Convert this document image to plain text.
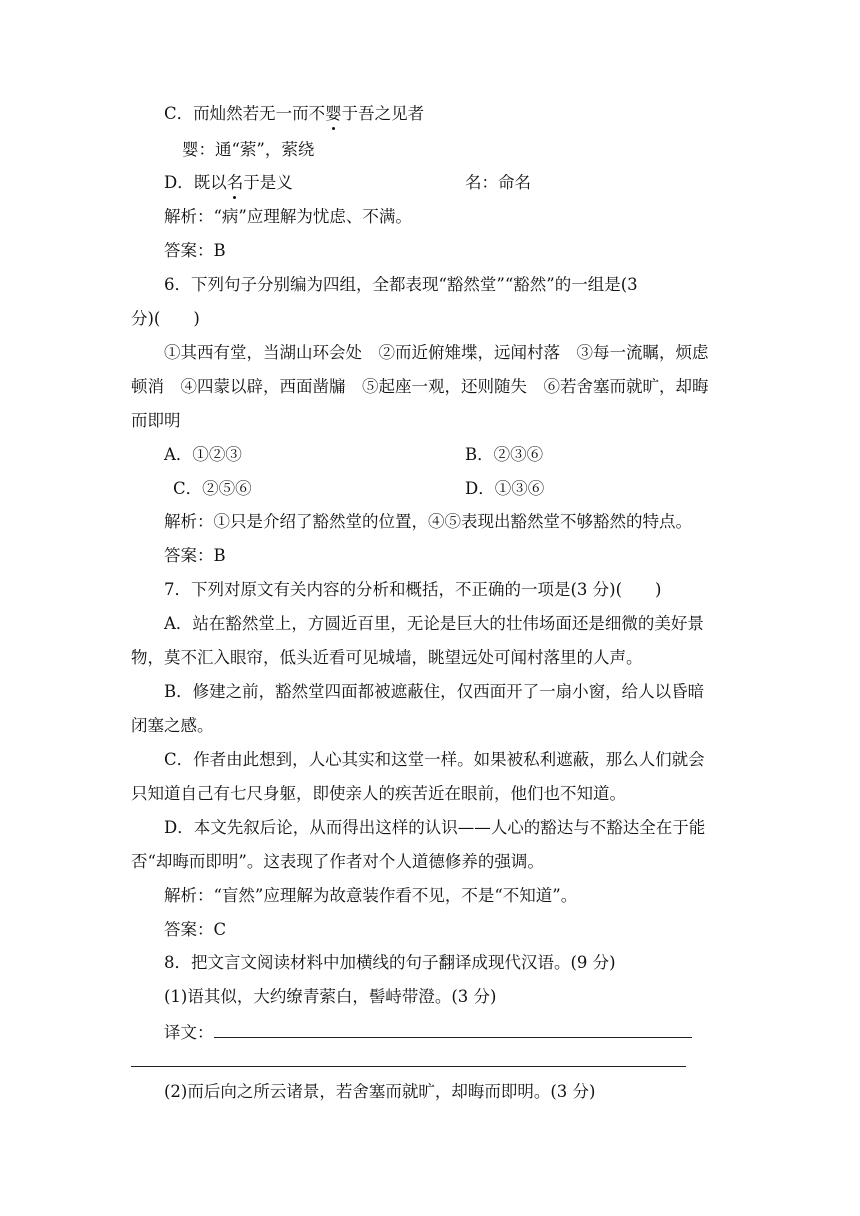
C．而灿然若无一而不婴于吾之见者
婴：通“萦”，萦绕
D．既以名于是义	名：命名
解析：“病”应理解为忧虑、不满。
答案：B
6．下列句子分别编为四组，全都表现“豁然堂”“豁然”的一组是(3
分)(　　)
①其西有堂，当湖山环会处　②而近俯雉堞，远闻村落　③每一流瞩，烦虑
顿消　④四蒙以辟，西面凿牖　⑤起座一观，还则随失　⑥若舍塞而就旷，却晦
而即明
A．①②③	B．②③⑥
C．②⑤⑥	D．①③⑥
解析：①只是介绍了豁然堂的位置，④⑤表现出豁然堂不够豁然的特点。
答案：B
7．下列对原文有关内容的分析和概括，不正确的一项是(3 分)(　　)
A．站在豁然堂上，方圆近百里，无论是巨大的壮伟场面还是细微的美好景
物，莫不汇入眼帘，低头近看可见城墙，眺望远处可闻村落里的人声。
B．修建之前，豁然堂四面都被遮蔽住，仅西面开了一扇小窗，给人以昏暗
闭塞之感。
C．作者由此想到，人心其实和这堂一样。如果被私利遮蔽，那么人们就会
只知道自己有七尺身躯，即使亲人的疾苦近在眼前，他们也不知道。
D．本文先叙后论，从而得出这样的认识——人心的豁达与不豁达全在于能
否“却晦而即明”。这表现了作者对个人道德修养的强调。
解析：“盲然”应理解为故意装作看不见，不是“不知道”。
答案：C
8．把文言文阅读材料中加横线的句子翻译成现代汉语。(9 分)
(1)语其似，大约缭青萦白，髻峙带澄。(3 分)
译文：
(2)而后向之所云诸景，若舍塞而就旷，却晦而即明。(3 分)
